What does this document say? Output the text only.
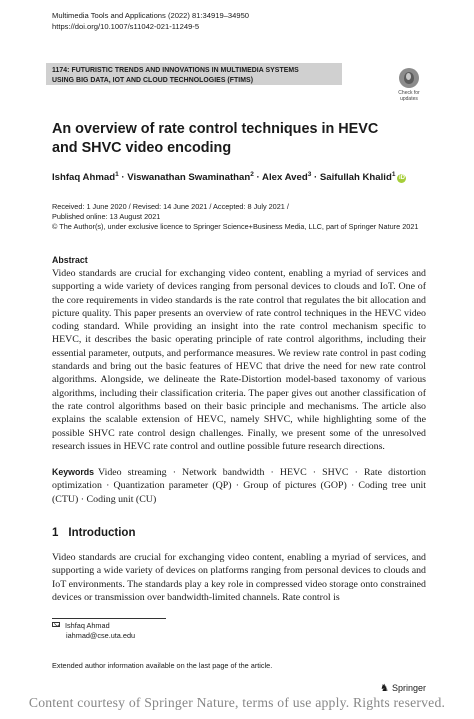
Multimedia Tools and Applications (2022) 81:34919–34950
https://doi.org/10.1007/s11042-021-11249-5
1174: FUTURISTIC TRENDS AND INNOVATIONS IN MULTIMEDIA SYSTEMS
USING BIG DATA, IOT AND CLOUD TECHNOLOGIES (FTIMS)
Check for
updates
An overview of rate control techniques in HEVC
and SHVC video encoding
Ishfaq Ahmad$^1$ · Viswanathan Swaminathan$^2$ · Alex Aved$^3$ · Saifullah Khalid$^1$iD
Received: 1 June 2020 / Revised: 14 June 2021 / Accepted: 8 July 2021 /
Published online: 13 August 2021
© The Author(s), under exclusive licence to Springer Science+Business Media, LLC, part of Springer Nature 2021
Abstract
Video standards are crucial for exchanging video content, enabling a myriad of services and supporting a wide variety of devices ranging from personal devices to clouds and IoT. One of the core requirements in video standards is the rate control that regulates the bit allocation and picture quality. This paper presents an overview of rate control techniques in the HEVC video coding standard. While providing an insight into the rate control mechanism specific to HEVC, it describes the basic operating principle of rate control algorithms, including their essential parameter, outputs, and performance measures. We review rate control in past coding standards and bring out the basic features of HEVC that drive the need for new rate control algorithms. Alongside, we delineate the Rate-Distortion model-based taxonomy of various algorithms, including their classification criteria. The paper gives out another classification of the rate control algorithms based on their basic principle and mechanisms. The article also explains the scalable extension of HEVC, namely SHVC, while highlighting some of the possible SHVC rate control design challenges. Finally, we present some of the unresolved research issues in HEVC rate control and outline possible future research directions.
Keywords Video streaming · Network bandwidth · HEVC · SHVC · Rate distortion optimization · Quantization parameter (QP) · Group of pictures (GOP) · Coding tree unit (CTU) · Coding unit (CU)
1 Introduction
Video standards are crucial for exchanging video content, enabling a myriad of services, and supporting a wide variety of devices on platforms ranging from personal devices to clouds and IoT environments. The standards play a key role in compressed video storage onto constrained devices or transmission over bandwidth-limited channels. Rate control is
Ishfaq Ahmad
iahmad@cse.uta.edu
Extended author information available on the last page of the article.
♞ Springer
Content courtesy of Springer Nature, terms of use apply. Rights reserved.
